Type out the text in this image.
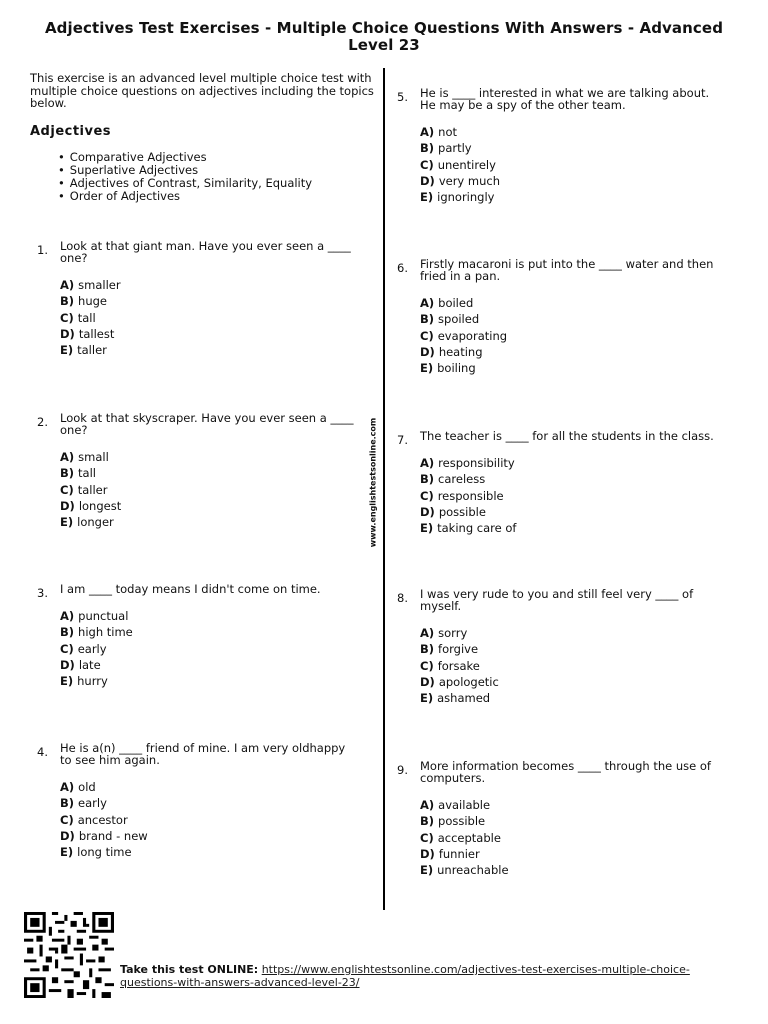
Adjectives Test Exercises - Multiple Choice Questions With Answers - Advanced Level 23
This exercise is an advanced level multiple choice test with multiple choice questions on adjectives including the topics below.
Adjectives
• Comparative Adjectives
• Superlative Adjectives
• Adjectives of Contrast, Similarity, Equality
• Order of Adjectives
www.englishtestsonline.com
1. Look at that giant man. Have you ever seen a ____ one?
A) smaller
B) huge
C) tall
D) tallest
E) taller
2. Look at that skyscraper. Have you ever seen a ____ one?
A) small
B) tall
C) taller
D) longest
E) longer
3. I am ____ today means I didn't come on time.
A) punctual
B) high time
C) early
D) late
E) hurry
4. He is a(n) ____ friend of mine. I am very oldhappy to see him again.
A) old
B) early
C) ancestor
D) brand - new
E) long time
5. He is ____ interested in what we are talking about. He may be a spy of the other team.
A) not
B) partly
C) unentirely
D) very much
E) ignoringly
6. Firstly macaroni is put into the ____ water and then fried in a pan.
A) boiled
B) spoiled
C) evaporating
D) heating
E) boiling
7. The teacher is ____ for all the students in the class.
A) responsibility
B) careless
C) responsible
D) possible
E) taking care of
8. I was very rude to you and still feel very ____ of myself.
A) sorry
B) forgive
C) forsake
D) apologetic
E) ashamed
9. More information becomes ____ through the use of computers.
A) available
B) possible
C) acceptable
D) funnier
E) unreachable
Take this test ONLINE: https://www.englishtestsonline.com/adjectives-test-exercises-multiple-choice-questions-with-answers-advanced-level-23/
